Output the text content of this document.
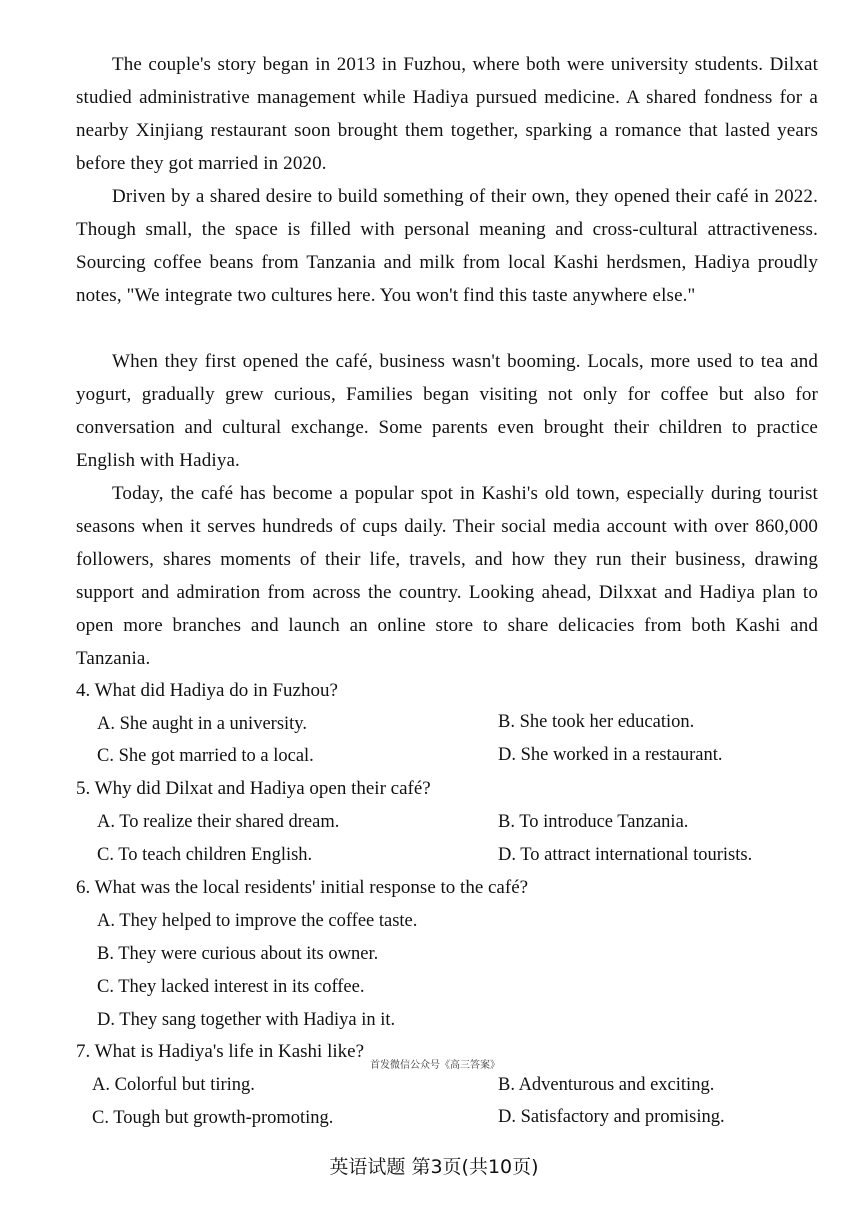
The couple's story began in 2013 in Fuzhou, where both were university students. Dilxat studied administrative management while Hadiya pursued medicine. A shared fondness for a nearby Xinjiang restaurant soon brought them together, sparking a romance that lasted years before they got married in 2020.

Driven by a shared desire to build something of their own, they opened their café in 2022. Though small, the space is filled with personal meaning and cross-cultural attractiveness. Sourcing coffee beans from Tanzania and milk from local Kashi herdsmen, Hadiya proudly notes, "We integrate two cultures here. You won't find this taste anywhere else."

When they first opened the café, business wasn't booming. Locals, more used to tea and yogurt, gradually grew curious, Families began visiting not only for coffee but also for conversation and cultural exchange. Some parents even brought their children to practice English with Hadiya.

Today, the café has become a popular spot in Kashi's old town, especially during tourist seasons when it serves hundreds of cups daily. Their social media account with over 860,000 followers, shares moments of their life, travels, and how they run their business, drawing support and admiration from across the country. Looking ahead, Dilxxat and Hadiya plan to open more branches and launch an online store to share delicacies from both Kashi and Tanzania.

4. What did Hadiya do in Fuzhou?
A. She aught in a university.	B. She took her education.
C. She got married to a local.	D. She worked in a restaurant.
5. Why did Dilxat and Hadiya open their café?
A. To realize their shared dream.	B. To introduce Tanzania.
C. To teach children English.	D. To attract international tourists.
6. What was the local residents' initial response to the café?
A. They helped to improve the coffee taste.
B. They were curious about its owner.
C. They lacked interest in its coffee.
D. They sang together with Hadiya in it.
7. What is Hadiya's life in Kashi like?
首发微信公众号《高三答案》
A. Colorful but tiring.	B. Adventurous and exciting.
C. Tough but growth-promoting.	D. Satisfactory and promising.
英语试题 第3页(共10页)
